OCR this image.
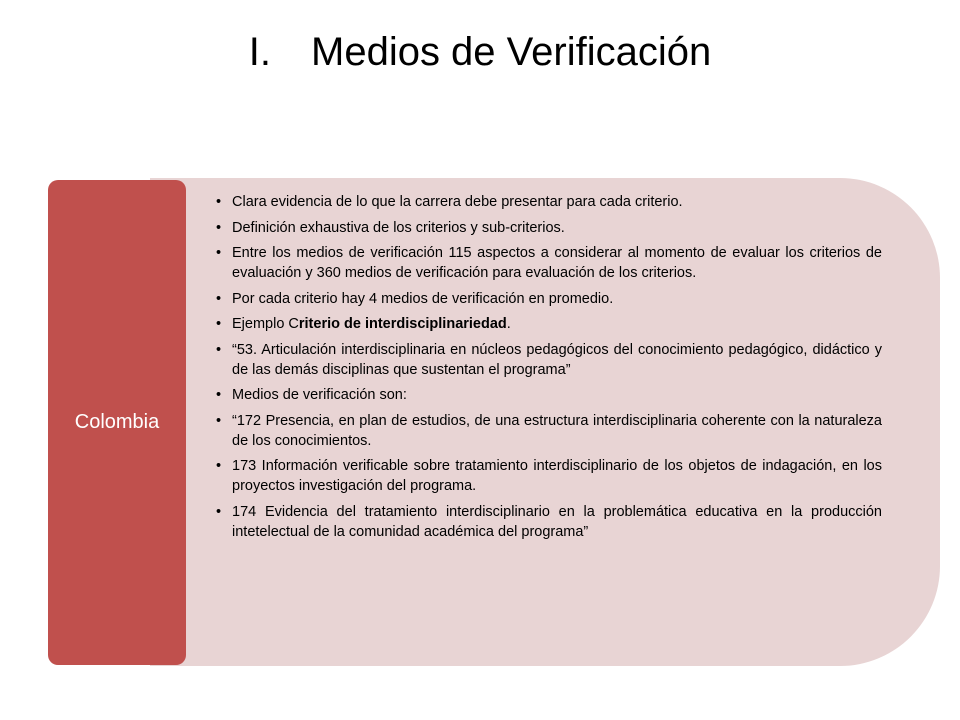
I. Medios de Verificación
Colombia
• Clara evidencia de lo que la carrera debe presentar para cada criterio.
• Definición exhaustiva de los criterios y sub-criterios.
• Entre los medios de verificación 115 aspectos a considerar al momento de evaluar los criterios de evaluación y 360 medios de verificación para evaluación de los criterios.
• Por cada criterio hay 4 medios de verificación en promedio.
• Ejemplo Criterio de interdisciplinariedad.
• “53. Articulación interdisciplinaria en núcleos pedagógicos del conocimiento pedagógico, didáctico y de las demás disciplinas que sustentan el programa”
• Medios de verificación son:
• “172 Presencia, en plan de estudios, de una estructura interdisciplinaria coherente con la naturaleza de los conocimientos.
• 173 Información verificable sobre tratamiento interdisciplinario de los objetos de indagación, en los proyectos investigación del programa.
• 174 Evidencia del tratamiento interdisciplinario en la problemática educativa en la producción intetelectual de la comunidad académica del programa”
